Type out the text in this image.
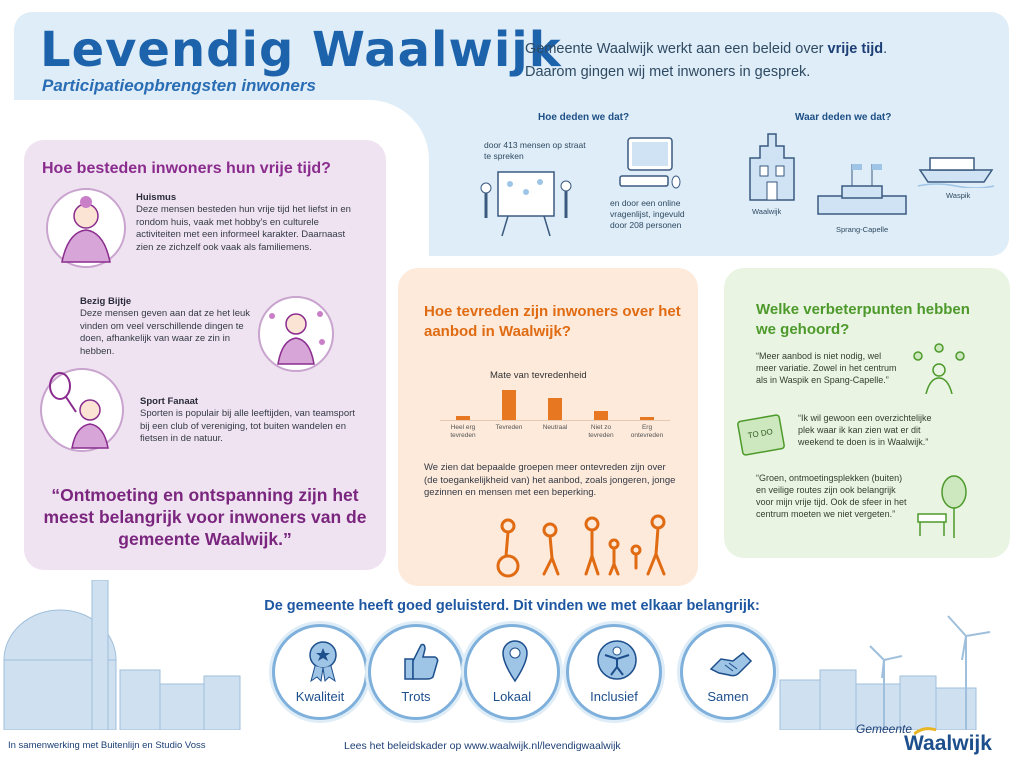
Levendig Waalwijk
Participatieopbrengsten inwoners
Gemeente Waalwijk werkt aan een beleid over vrije tijd.
Daarom gingen wij met inwoners in gesprek.
Hoe deden we dat?
door 413 mensen op straat te spreken
en door een online vragenlijst, ingevuld door 208 personen
Waar deden we dat?
Waalwijk
Sprang-Capelle
Waspik
Hoe besteden inwoners hun vrije tijd?
Huismus
Deze mensen besteden hun vrije tijd het liefst in en rondom huis, vaak met hobby's en culturele activiteiten met een informeel karakter. Daarnaast zien ze zichzelf ook vaak als familiemens.
Bezig Bijtje
Deze mensen geven aan dat ze het leuk vinden om veel verschillende dingen te doen, afhankelijk van waar ze zin in hebben.
Sport Fanaat
Sporten is populair bij alle leeftijden, van teamsport bij een club of vereniging, tot buiten wandelen en fietsen in de natuur.
“Ontmoeting en ontspanning zijn het meest belangrijk voor inwoners van de gemeente Waalwijk.”
Hoe tevreden zijn inwoners over het aanbod in Waalwijk?
Mate van tevredenheid
Heel erg tevreden
Tevreden	Neutraal	Niet zo tevreden
Erg ontevreden
We zien dat bepaalde groepen meer ontevreden zijn over (de toegankelijkheid van) het aanbod, zoals jongeren, jonge gezinnen en mensen met een beperking.
Welke verbeterpunten hebben we gehoord?
“Meer aanbod is niet nodig, wel meer variatie. Zowel in het centrum als in Waspik en Spang-Capelle.”
TO DO
“Ik wil gewoon een overzichtelijke plek waar ik kan zien wat er dit weekend te doen is in Waalwijk.”
“Groen, ontmoetingsplekken (buiten) en veilige routes zijn ook belangrijk voor mijn vrije tijd. Ook de sfeer in het centrum moeten we niet vergeten.”
De gemeente heeft goed geluisterd. Dit vinden we met elkaar belangrijk:
Kwaliteit	Trots	Lokaal	Inclusief	Samen
In samenwerking met Buitenlijn en Studio Voss	Lees het beleidskader op www.waalwijk.nl/levendigwaalwijk
Gemeente
Waalwijk
